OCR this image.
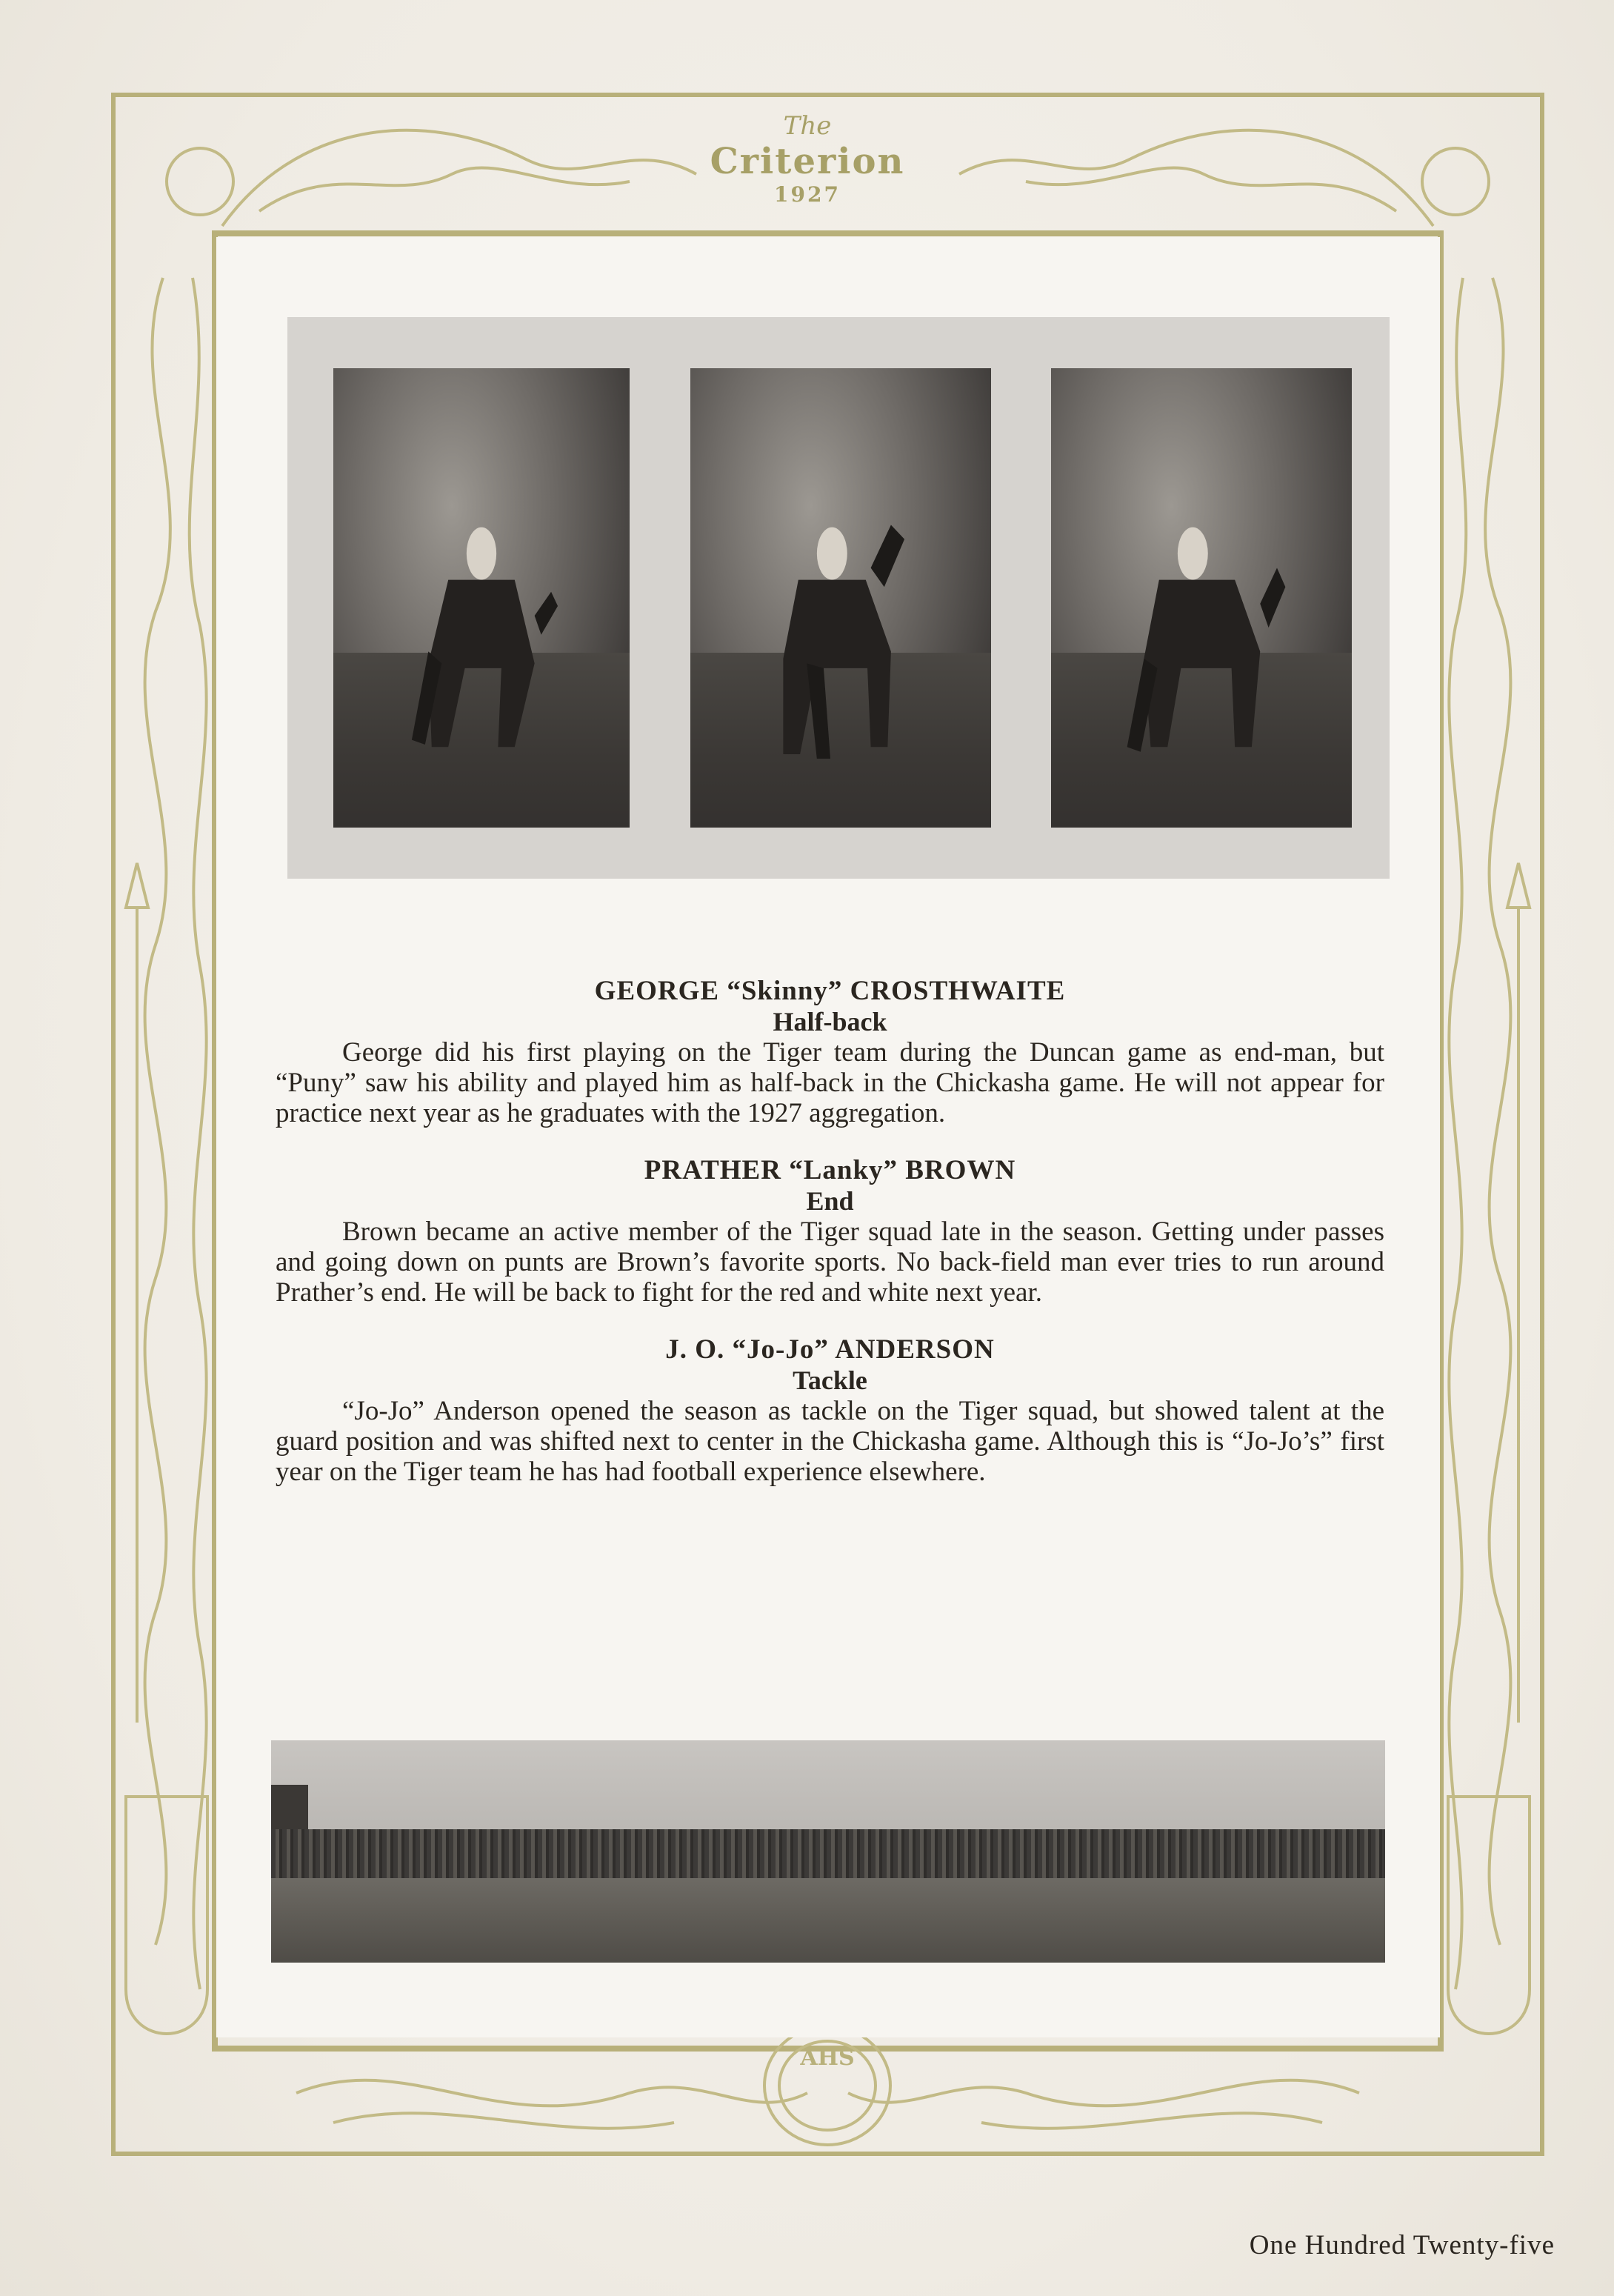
AHS
The
Criterion
1927
GEORGE “Skinny” CROSTHWAITE
Half-back

George did his first playing on the Tiger team during the Duncan game as end-man, but “Puny” saw his ability and played him as half-back in the Chickasha game. He will not appear for practice next year as he graduates with the 1927 aggregation.

PRATHER “Lanky” BROWN
End

Brown became an active member of the Tiger squad late in the season. Getting under passes and going down on punts are Brown’s favorite sports. No back-field man ever tries to run around Prather’s end. He will be back to fight for the red and white next year.

J. O. “Jo-Jo” ANDERSON
Tackle

“Jo-Jo” Anderson opened the season as tackle on the Tiger squad, but showed talent at the guard position and was shifted next to center in the Chickasha game. Although this is “Jo-Jo’s” first year on the Tiger team he has had football experience elsewhere.

One Hundred Twenty-five
